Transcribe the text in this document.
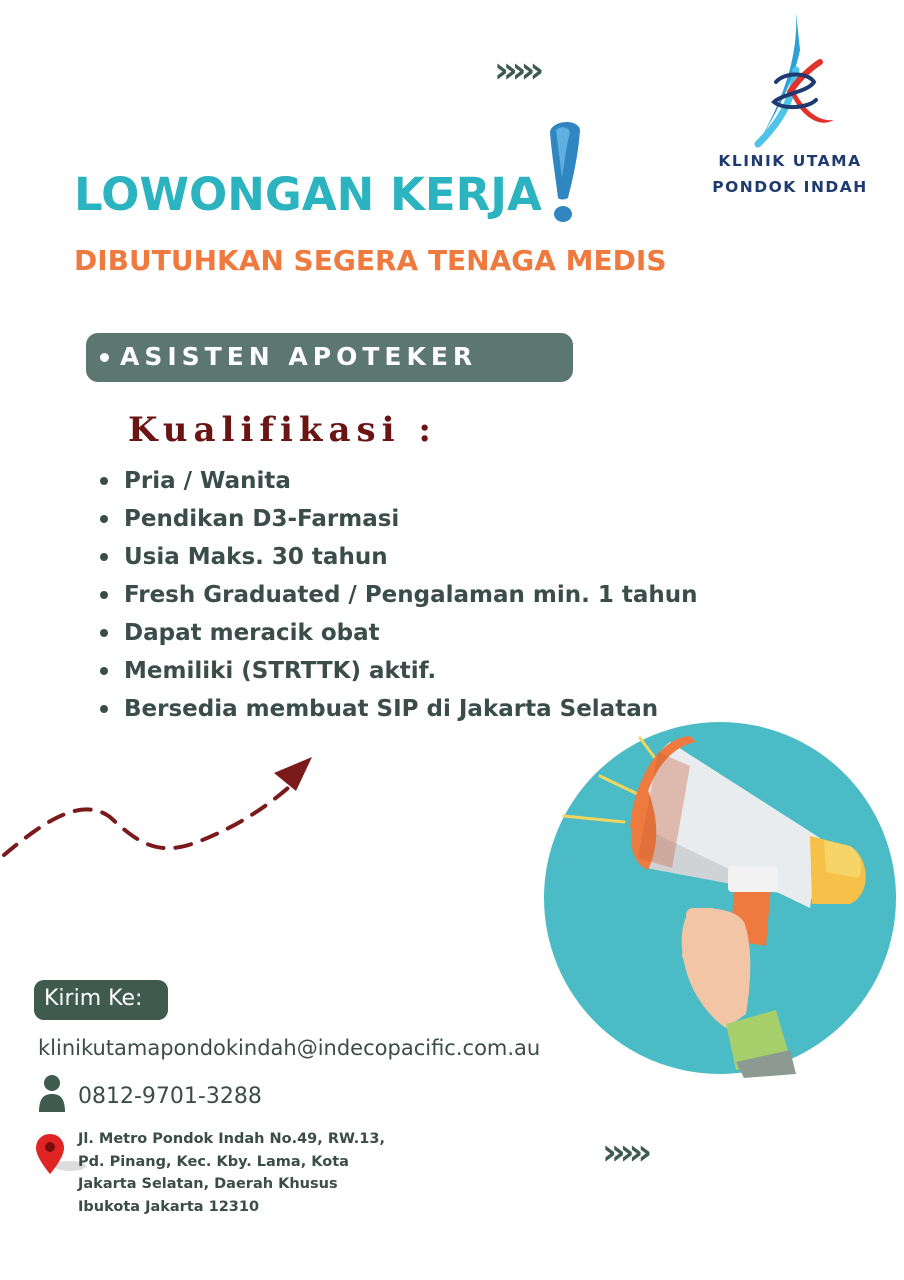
›››››
KLINIK UTAMA
PONDOK INDAH
LOWONGAN KERJA
DIBUTUHKAN SEGERA TENAGA MEDIS
ASISTEN APOTEKER
Kualifikasi :
Pria / Wanita
Pendikan D3-Farmasi
Usia Maks. 30 tahun
Fresh Graduated / Pengalaman min. 1 tahun
Dapat meracik obat
Memiliki (STRTTK) aktif.
Bersedia membuat SIP di Jakarta Selatan
Kirim Ke:
klinikutamapondokindah@indecopacific.com.au
0812-9701-3288
Jl. Metro Pondok Indah No.49, RW.13,
Pd. Pinang, Kec. Kby. Lama, Kota
Jakarta Selatan, Daerah Khusus
Ibukota Jakarta 12310
›››››
